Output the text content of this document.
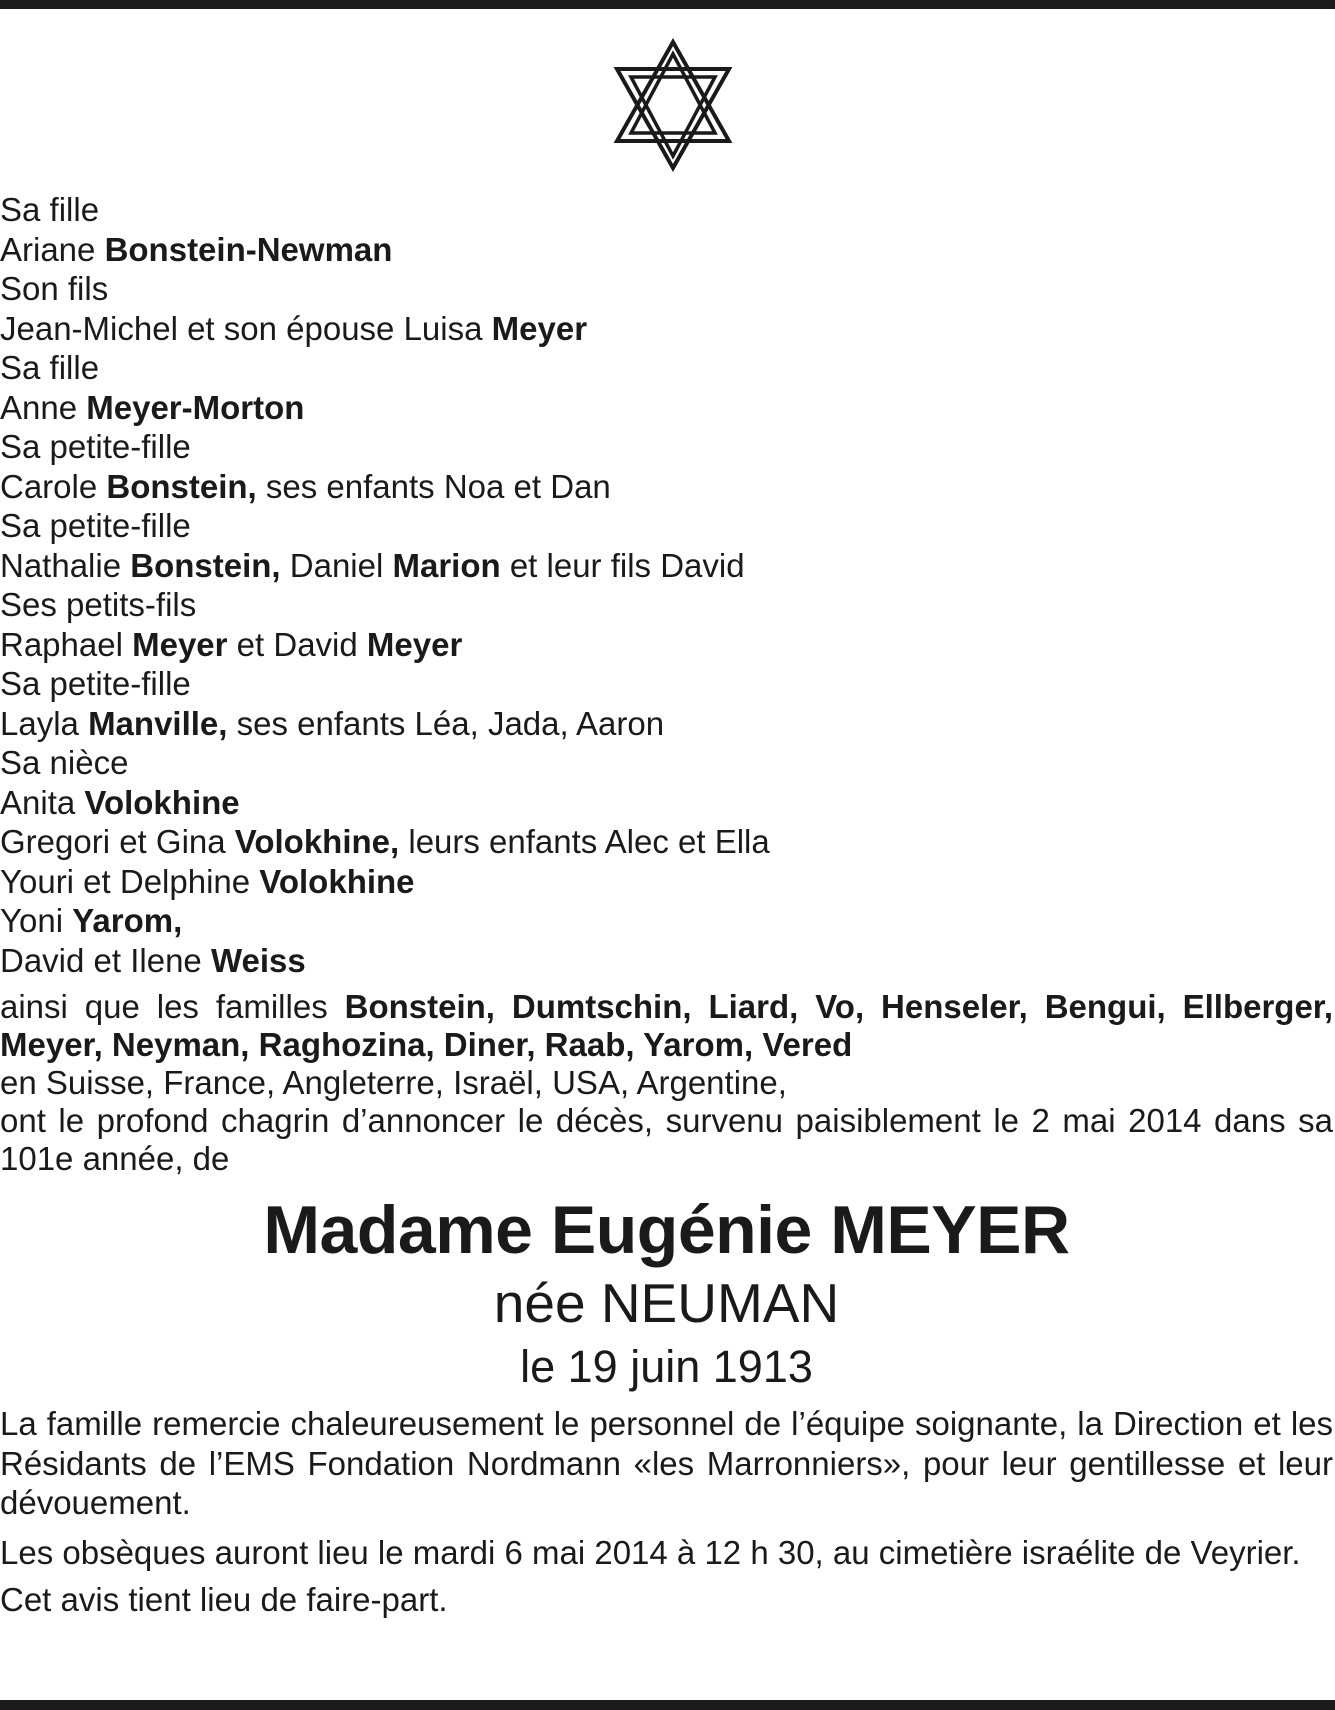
Sa fille
Ariane Bonstein-Newman
Son fils
Jean-Michel et son épouse Luisa Meyer
Sa fille
Anne Meyer-Morton
Sa petite-fille
Carole Bonstein, ses enfants Noa et Dan
Sa petite-fille
Nathalie Bonstein, Daniel Marion et leur fils David
Ses petits-fils
Raphael Meyer et David Meyer
Sa petite-fille
Layla Manville, ses enfants Léa, Jada, Aaron
Sa nièce
Anita Volokhine
Gregori et Gina Volokhine, leurs enfants Alec et Ella
Youri et Delphine Volokhine
Yoni Yarom,
David et Ilene Weiss
ainsi que les familles Bonstein, Dumtschin, Liard, Vo, Henseler, Bengui, Ellberger,
Meyer, Neyman, Raghozina, Diner, Raab, Yarom, Vered
en Suisse, France, Angleterre, Israël, USA, Argentine,
ont le profond chagrin d’annoncer le décès, survenu paisiblement le 2 mai 2014 dans sa 101e année, de
Madame Eugénie MEYER
née NEUMAN
le 19 juin 1913
La famille remercie chaleureusement le personnel de l’équipe soignante, la Direction et les Résidants de l’EMS Fondation Nordmann «les Marronniers», pour leur gentillesse et leur dévouement.
Les obsèques auront lieu le mardi 6 mai 2014 à 12 h 30, au cimetière israélite de Veyrier.
Cet avis tient lieu de faire-part.
